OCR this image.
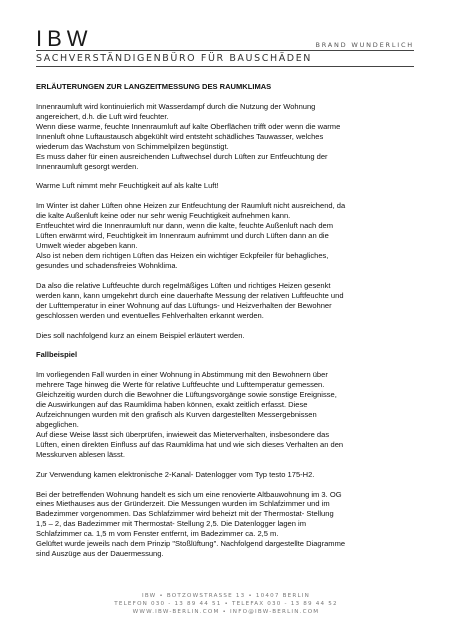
IBW	BRAND WUNDERLICH
SACHVERSTÄNDIGENBÜRO FÜR BAUSCHÄDEN

ERLÄUTERUNGEN ZUR LANGZEITMESSUNG DES RAUMKLIMAS

Innenraumluft wird kontinuierlich mit Wasserdampf durch die Nutzung der Wohnung
angereichert, d.h. die Luft wird feuchter.
Wenn diese warme, feuchte Innenraumluft auf kalte Oberflächen trifft oder wenn die warme
Innenluft ohne Luftaustausch abgekühlt wird entsteht schädliches Tauwasser, welches
wiederum das Wachstum von Schimmelpilzen begünstigt.
Es muss daher für einen ausreichenden Luftwechsel durch Lüften zur Entfeuchtung der
Innenraumluft gesorgt werden.

Warme Luft nimmt mehr Feuchtigkeit auf als kalte Luft!

Im Winter ist daher Lüften ohne Heizen zur Entfeuchtung der Raumluft nicht ausreichend, da
die kalte Außenluft keine oder nur sehr wenig Feuchtigkeit aufnehmen kann.
Entfeuchtet wird die Innenraumluft nur dann, wenn die kalte, feuchte Außenluft nach dem
Lüften erwärmt wird, Feuchtigkeit im Innenraum aufnimmt und durch Lüften dann an die
Umwelt wieder abgeben kann.
Also ist neben dem richtigen Lüften das Heizen ein wichtiger Eckpfeiler für behagliches,
gesundes und schadensfreies Wohnklima.
Da also die relative Luftfeuchte durch regelmäßiges Lüften und richtiges Heizen gesenkt
werden kann, kann umgekehrt durch eine dauerhafte Messung der relativen Luftfeuchte und
der Lufttemperatur in einer Wohnung auf das Lüftungs- und Heizverhalten der Bewohner
geschlossen werden und eventuelles Fehlverhalten erkannt werden.

Dies soll nachfolgend kurz an einem Beispiel erläutert werden.

Fallbeispiel

Im vorliegenden Fall wurden in einer Wohnung in Abstimmung mit den Bewohnern über
mehrere Tage hinweg die Werte für relative Luftfeuchte und Lufttemperatur gemessen.
Gleichzeitig wurden durch die Bewohner die Lüftungsvorgänge sowie sonstige Ereignisse,
die Auswirkungen auf das Raumklima haben können, exakt zeitlich erfasst. Diese
Aufzeichnungen wurden mit den grafisch als Kurven dargestellten Messergebnissen
abgeglichen.
Auf diese Weise lässt sich überprüfen, inwieweit das Mieterverhalten, insbesondere das
Lüften, einen direkten Einfluss auf das Raumklima hat und wie sich dieses Verhalten an den
Messkurven ablesen lässt.

Zur Verwendung kamen elektronische 2-Kanal- Datenlogger vom Typ testo 175-H2.

Bei der betreffenden Wohnung handelt es sich um eine renovierte Altbauwohnung im 3. OG
eines Miethauses aus der Gründerzeit. Die Messungen wurden im Schlafzimmer und im
Badezimmer vorgenommen. Das Schlafzimmer wird beheizt mit der Thermostat- Stellung
1,5 – 2, das Badezimmer mit Thermostat- Stellung 2,5. Die Datenlogger lagen im
Schlafzimmer ca. 1,5 m vom Fenster entfernt, im Badezimmer ca. 2,5 m.
Gelüftet wurde jeweils nach dem Prinzip "Stoßlüftung". Nachfolgend dargestellte Diagramme
sind Auszüge aus der Dauermessung.
IBW • BOTZOWSTRASSE 13 • 10407 BERLIN
TELEFON 030 - 13 89 44 51 • TELEFAX 030 - 13 89 44 52
WWW.IBW-BERLIN.COM • INFO@IBW-BERLIN.COM
